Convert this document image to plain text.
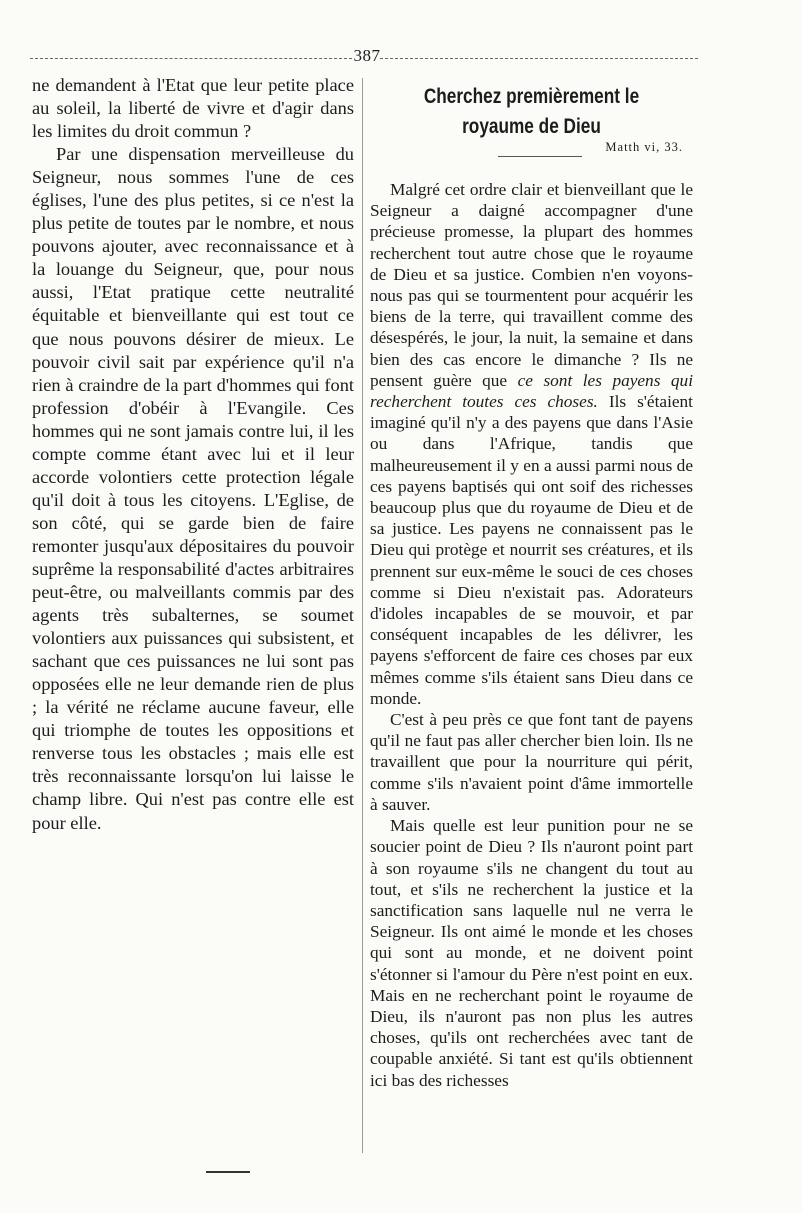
387

ne demandent à l'Etat que leur petite place au soleil, la liberté de vivre et d'agir dans les limites du droit commun ?

Par une dispensation merveilleuse du Seigneur, nous sommes l'une de ces églises, l'une des plus petites, si ce n'est la plus petite de toutes par le nombre, et nous pouvons ajouter, avec reconnaissance et à la louange du Seigneur, que, pour nous aussi, l'Etat pratique cette neutralité équitable et bienveillante qui est tout ce que nous pouvons désirer de mieux. Le pouvoir civil sait par expérience qu'il n'a rien à craindre de la part d'hommes qui font profession d'obéir à l'Evangile. Ces hommes qui ne sont jamais contre lui, il les compte comme étant avec lui et il leur accorde volontiers cette protection légale qu'il doit à tous les citoyens. L'Eglise, de son côté, qui se garde bien de faire remonter jusqu'aux dépositaires du pouvoir suprême la responsabilité d'actes arbitraires peut-être, ou malveillants commis par des agents très subalternes, se soumet volontiers aux puissances qui subsistent, et sachant que ces puissances ne lui sont pas opposées elle ne leur demande rien de plus ; la vérité ne réclame aucune faveur, elle qui triomphe de toutes les oppositions et renverse tous les obstacles ; mais elle est très reconnaissante lorsqu'on lui laisse le champ libre. Qui n'est pas contre elle est pour elle.

Cherchez premièrement le royaume de Dieu
Matth vi, 33.

Malgré cet ordre clair et bienveillant que le Seigneur a daigné accompagner d'une précieuse promesse, la plupart des hommes recherchent tout autre chose que le royaume de Dieu et sa justice. Combien n'en voyons-nous pas qui se tourmentent pour acquérir les biens de la terre, qui travaillent comme des désespérés, le jour, la nuit, la semaine et dans bien des cas encore le dimanche ? Ils ne pensent guère que ce sont les payens qui recherchent toutes ces choses. Ils s'étaient imaginé qu'il n'y a des payens que dans l'Asie ou dans l'Afrique, tandis que malheureusement il y en a aussi parmi nous de ces payens baptisés qui ont soif des richesses beaucoup plus que du royaume de Dieu et de sa justice. Les payens ne connaissent pas le Dieu qui protège et nourrit ses créatures, et ils prennent sur eux-même le souci de ces choses comme si Dieu n'existait pas. Adorateurs d'idoles incapables de se mouvoir, et par conséquent incapables de les délivrer, les payens s'efforcent de faire ces choses par eux mêmes comme s'ils étaient sans Dieu dans ce monde.

C'est à peu près ce que font tant de payens qu'il ne faut pas aller chercher bien loin. Ils ne travaillent que pour la nourriture qui périt, comme s'ils n'avaient point d'âme immortelle à sauver.

Mais quelle est leur punition pour ne se soucier point de Dieu ? Ils n'auront point part à son royaume s'ils ne changent du tout au tout, et s'ils ne recherchent la justice et la sanctification sans laquelle nul ne verra le Seigneur. Ils ont aimé le monde et les choses qui sont au monde, et ne doivent point s'étonner si l'amour du Père n'est point en eux. Mais en ne recherchant point le royaume de Dieu, ils n'auront pas non plus les autres choses, qu'ils ont recherchées avec tant de coupable anxiété. Si tant est qu'ils obtiennent ici bas des richesses
